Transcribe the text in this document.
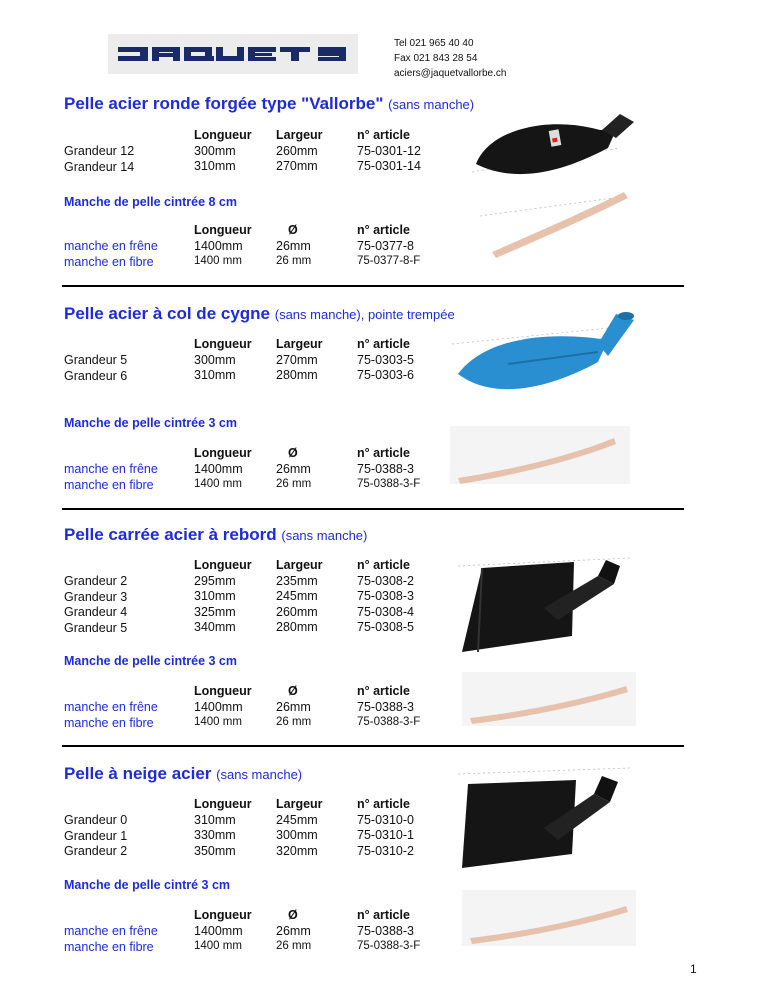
Tel 021 965 40 40
Fax 021 843 28 54
aciers@jaquetvallorbe.ch
Pelle acier ronde forgée type "Vallorbe" (sans manche)
Grandeur 12
Grandeur 14
Longueur
300mm
310mm
Largeur
260mm
270mm
n° article
75-0301-12
75-0301-14
Manche de pelle cintrée 8 cm
manche en frêne
manche en fibre
Longueur
1400mm
1400 mm
Ø
26mm
26 mm
n° article
75-0377-8
75-0377-8-F
Pelle acier à col de cygne (sans manche), pointe trempée
Grandeur 5
Grandeur 6
Longueur
300mm
310mm
Largeur
270mm
280mm
n° article
75-0303-5
75-0303-6
Manche de pelle cintrée 3 cm
manche en frêne
manche en fibre
Longueur
1400mm
1400 mm
Ø
26mm
26 mm
n° article
75-0388-3
75-0388-3-F
Pelle carrée acier à rebord (sans manche)
Grandeur 2
Grandeur 3
Grandeur 4
Grandeur 5
Longueur
295mm
310mm
325mm
340mm
Largeur
235mm
245mm
260mm
280mm
n° article
75-0308-2
75-0308-3
75-0308-4
75-0308-5
Manche de pelle cintrée 3 cm
manche en frêne
manche en fibre
Longueur
1400mm
1400 mm
Ø
26mm
26 mm
n° article
75-0388-3
75-0388-3-F
Pelle à neige acier (sans manche)
Grandeur 0
Grandeur 1
Grandeur 2
Longueur
310mm
330mm
350mm
Largeur
245mm
300mm
320mm
n° article
75-0310-0
75-0310-1
75-0310-2
Manche de pelle cintré 3 cm
manche en frêne
manche en fibre
Longueur
1400mm
1400 mm
Ø
26mm
26 mm
n° article
75-0388-3
75-0388-3-F
1
